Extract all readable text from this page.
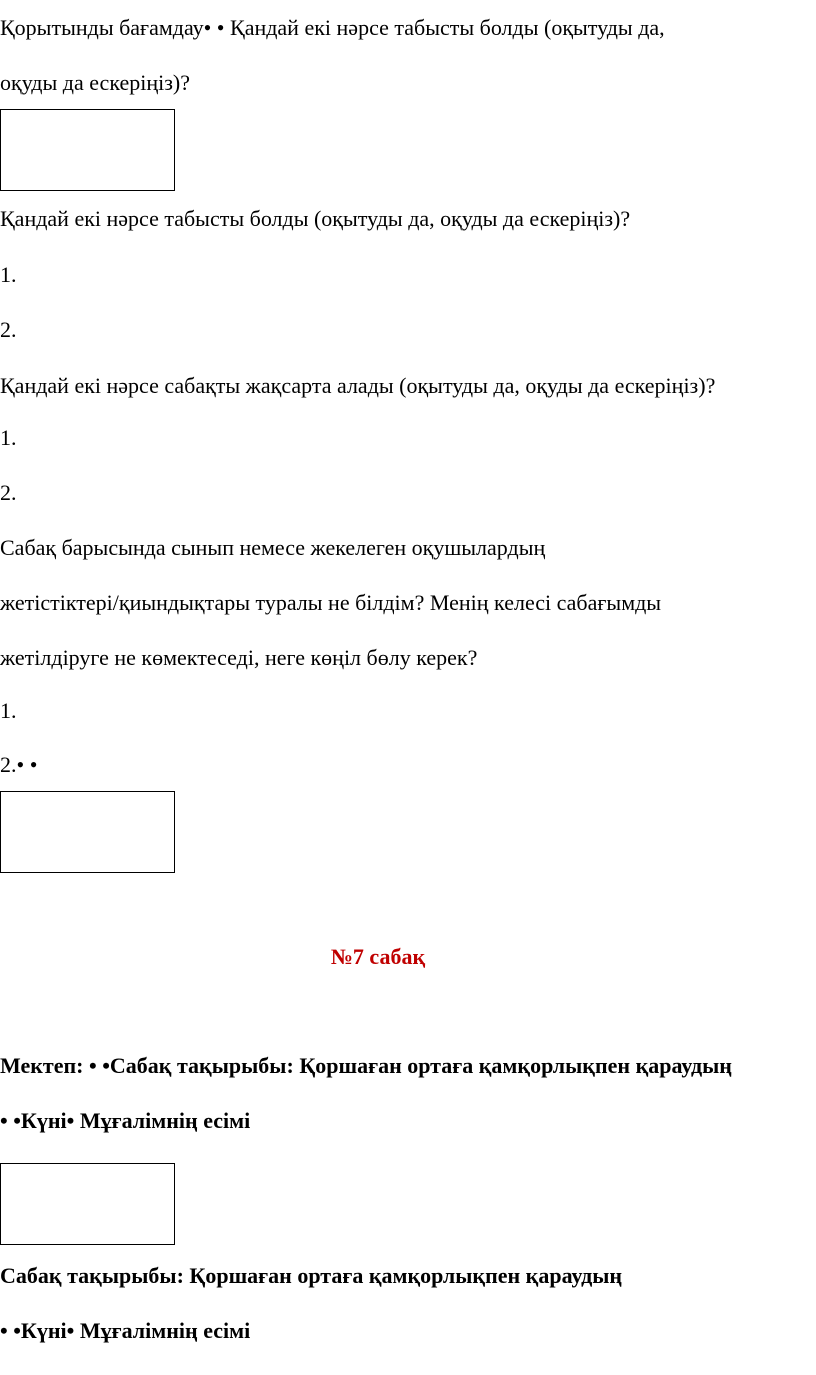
Қорытынды бағамдау• • Қандай екі нәрсе табысты болды (оқытуды да,

оқуды да ескеріңіз)?

Қандай екі нәрсе табысты болды (оқытуды да, оқуды да ескеріңіз)?

1.

2.

Қандай екі нәрсе сабақты жақсарта алады (оқытуды да, оқуды да ескеріңіз)?

1.

2.

Сабақ барысында сынып немесе жекелеген оқушылардың

жетістіктері/қиындықтары туралы не білдім? Менің келесі сабағымды

жетілдіруге не көмектеседі, неге көңіл бөлу керек?

1.

2.• •

№7 сабақ

Мектеп: • •Сабақ тақырыбы: Қоршаған ортаға қамқорлықпен қараудың

• •Күні• Мұғалімнің есімі

Сабақ тақырыбы: Қоршаған ортаға қамқорлықпен қараудың

• •Күні• Мұғалімнің есімі
